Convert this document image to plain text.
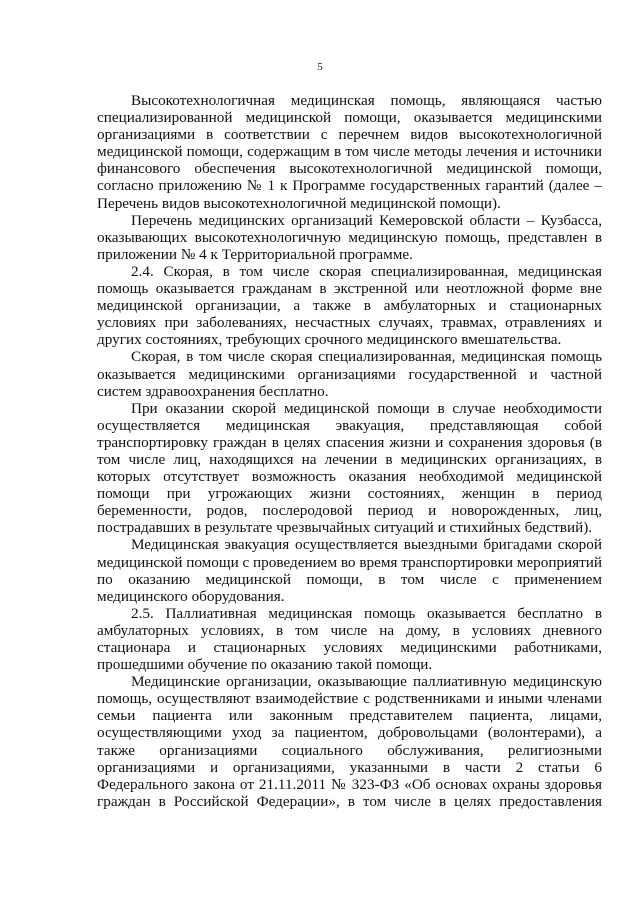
5
Высокотехнологичная медицинская помощь, являющаяся частью
специализированной медицинской помощи, оказывается медицинскими
организациями в соответствии с перечнем видов высокотехнологичной
медицинской помощи, содержащим в том числе методы лечения и источники
финансового обеспечения высокотехнологичной медицинской помощи,
согласно приложению № 1 к Программе государственных гарантий (далее –
Перечень видов высокотехнологичной медицинской помощи).
Перечень медицинских организаций Кемеровской области – Кузбасса,
оказывающих высокотехнологичную медицинскую помощь, представлен в
приложении № 4 к Территориальной программе.
2.4. Скорая, в том числе скорая специализированная, медицинская
помощь оказывается гражданам в экстренной или неотложной форме вне
медицинской организации, а также в амбулаторных и стационарных
условиях при заболеваниях, несчастных случаях, травмах, отравлениях и
других состояниях, требующих срочного медицинского вмешательства.
Скорая, в том числе скорая специализированная, медицинская помощь
оказывается медицинскими организациями государственной и частной
систем здравоохранения бесплатно.
При оказании скорой медицинской помощи в случае необходимости
осуществляется медицинская эвакуация, представляющая собой
транспортировку граждан в целях спасения жизни и сохранения здоровья (в
том числе лиц, находящихся на лечении в медицинских организациях, в
которых отсутствует возможность оказания необходимой медицинской
помощи при угрожающих жизни состояниях, женщин в период
беременности, родов, послеродовой период и новорожденных, лиц,
пострадавших в результате чрезвычайных ситуаций и стихийных бедствий).
Медицинская эвакуация осуществляется выездными бригадами скорой
медицинской помощи с проведением во время транспортировки мероприятий
по оказанию медицинской помощи, в том числе с применением
медицинского оборудования.
2.5. Паллиативная медицинская помощь оказывается бесплатно в
амбулаторных условиях, в том числе на дому, в условиях дневного
стационара и стационарных условиях медицинскими работниками,
прошедшими обучение по оказанию такой помощи.
Медицинские организации, оказывающие паллиативную медицинскую
помощь, осуществляют взаимодействие с родственниками и иными членами
семьи пациента или законным представителем пациента, лицами,
осуществляющими уход за пациентом, добровольцами (волонтерами), а
также организациями социального обслуживания, религиозными
организациями и организациями, указанными в части 2 статьи 6
Федерального закона от 21.11.2011 № 323-ФЗ «Об основах охраны здоровья
граждан в Российской Федерации», в том числе в целях предоставления
